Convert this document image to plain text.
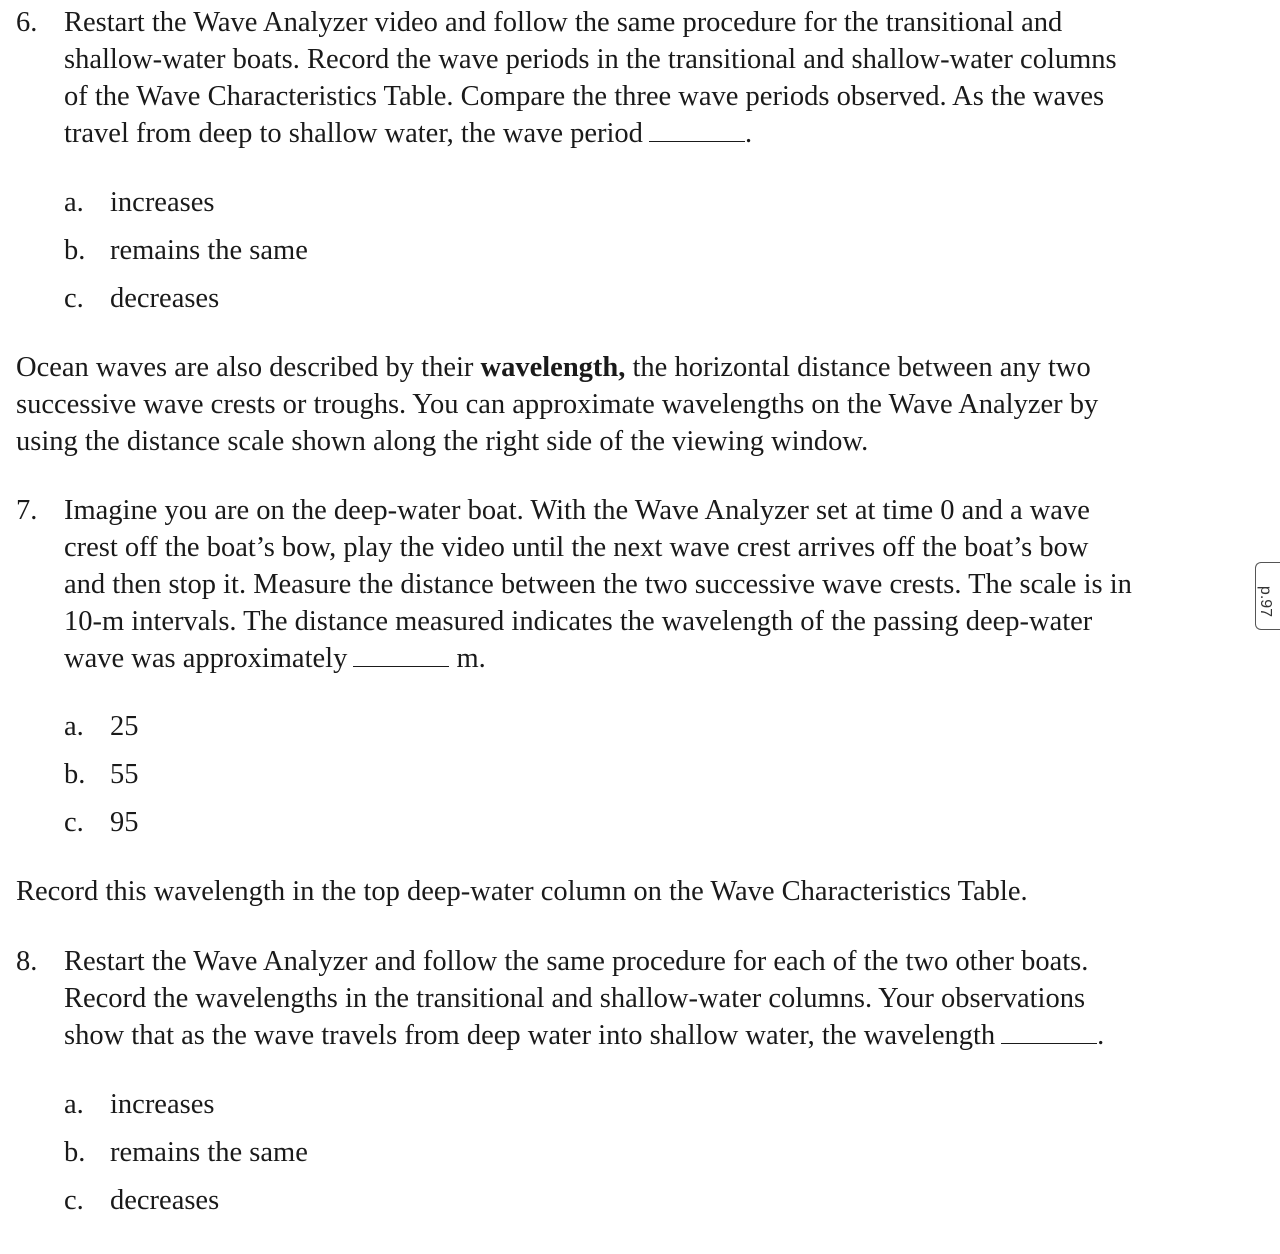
6. Restart the Wave Analyzer video and follow the same procedure for the transitional and
shallow-water boats. Record the wave periods in the transitional and shallow-water columns
of the Wave Characteristics Table. Compare the three wave periods observed. As the waves
travel from deep to shallow water, the wave period	.
a. increases
b. remains the same
c. decreases
Ocean waves are also described by their wavelength, the horizontal distance between any two
successive wave crests or troughs. You can approximate wavelengths on the Wave Analyzer by
using the distance scale shown along the right side of the viewing window.
7. Imagine you are on the deep-water boat. With the Wave Analyzer set at time 0 and a wave
crest off the boat’s bow, play the video until the next wave crest arrives off the boat’s bow
and then stop it. Measure the distance between the two successive wave crests. The scale is in
10-m intervals. The distance measured indicates the wavelength of the passing deep-water
wave was approximately	m.
a. 25
b. 55
c. 95
Record this wavelength in the top deep-water column on the Wave Characteristics Table.
8. Restart the Wave Analyzer and follow the same procedure for each of the two other boats.
Record the wavelengths in the transitional and shallow-water columns. Your observations
show that as the wave travels from deep water into shallow water, the wavelength	.
a. increases
b. remains the same
c. decreases
p.97
